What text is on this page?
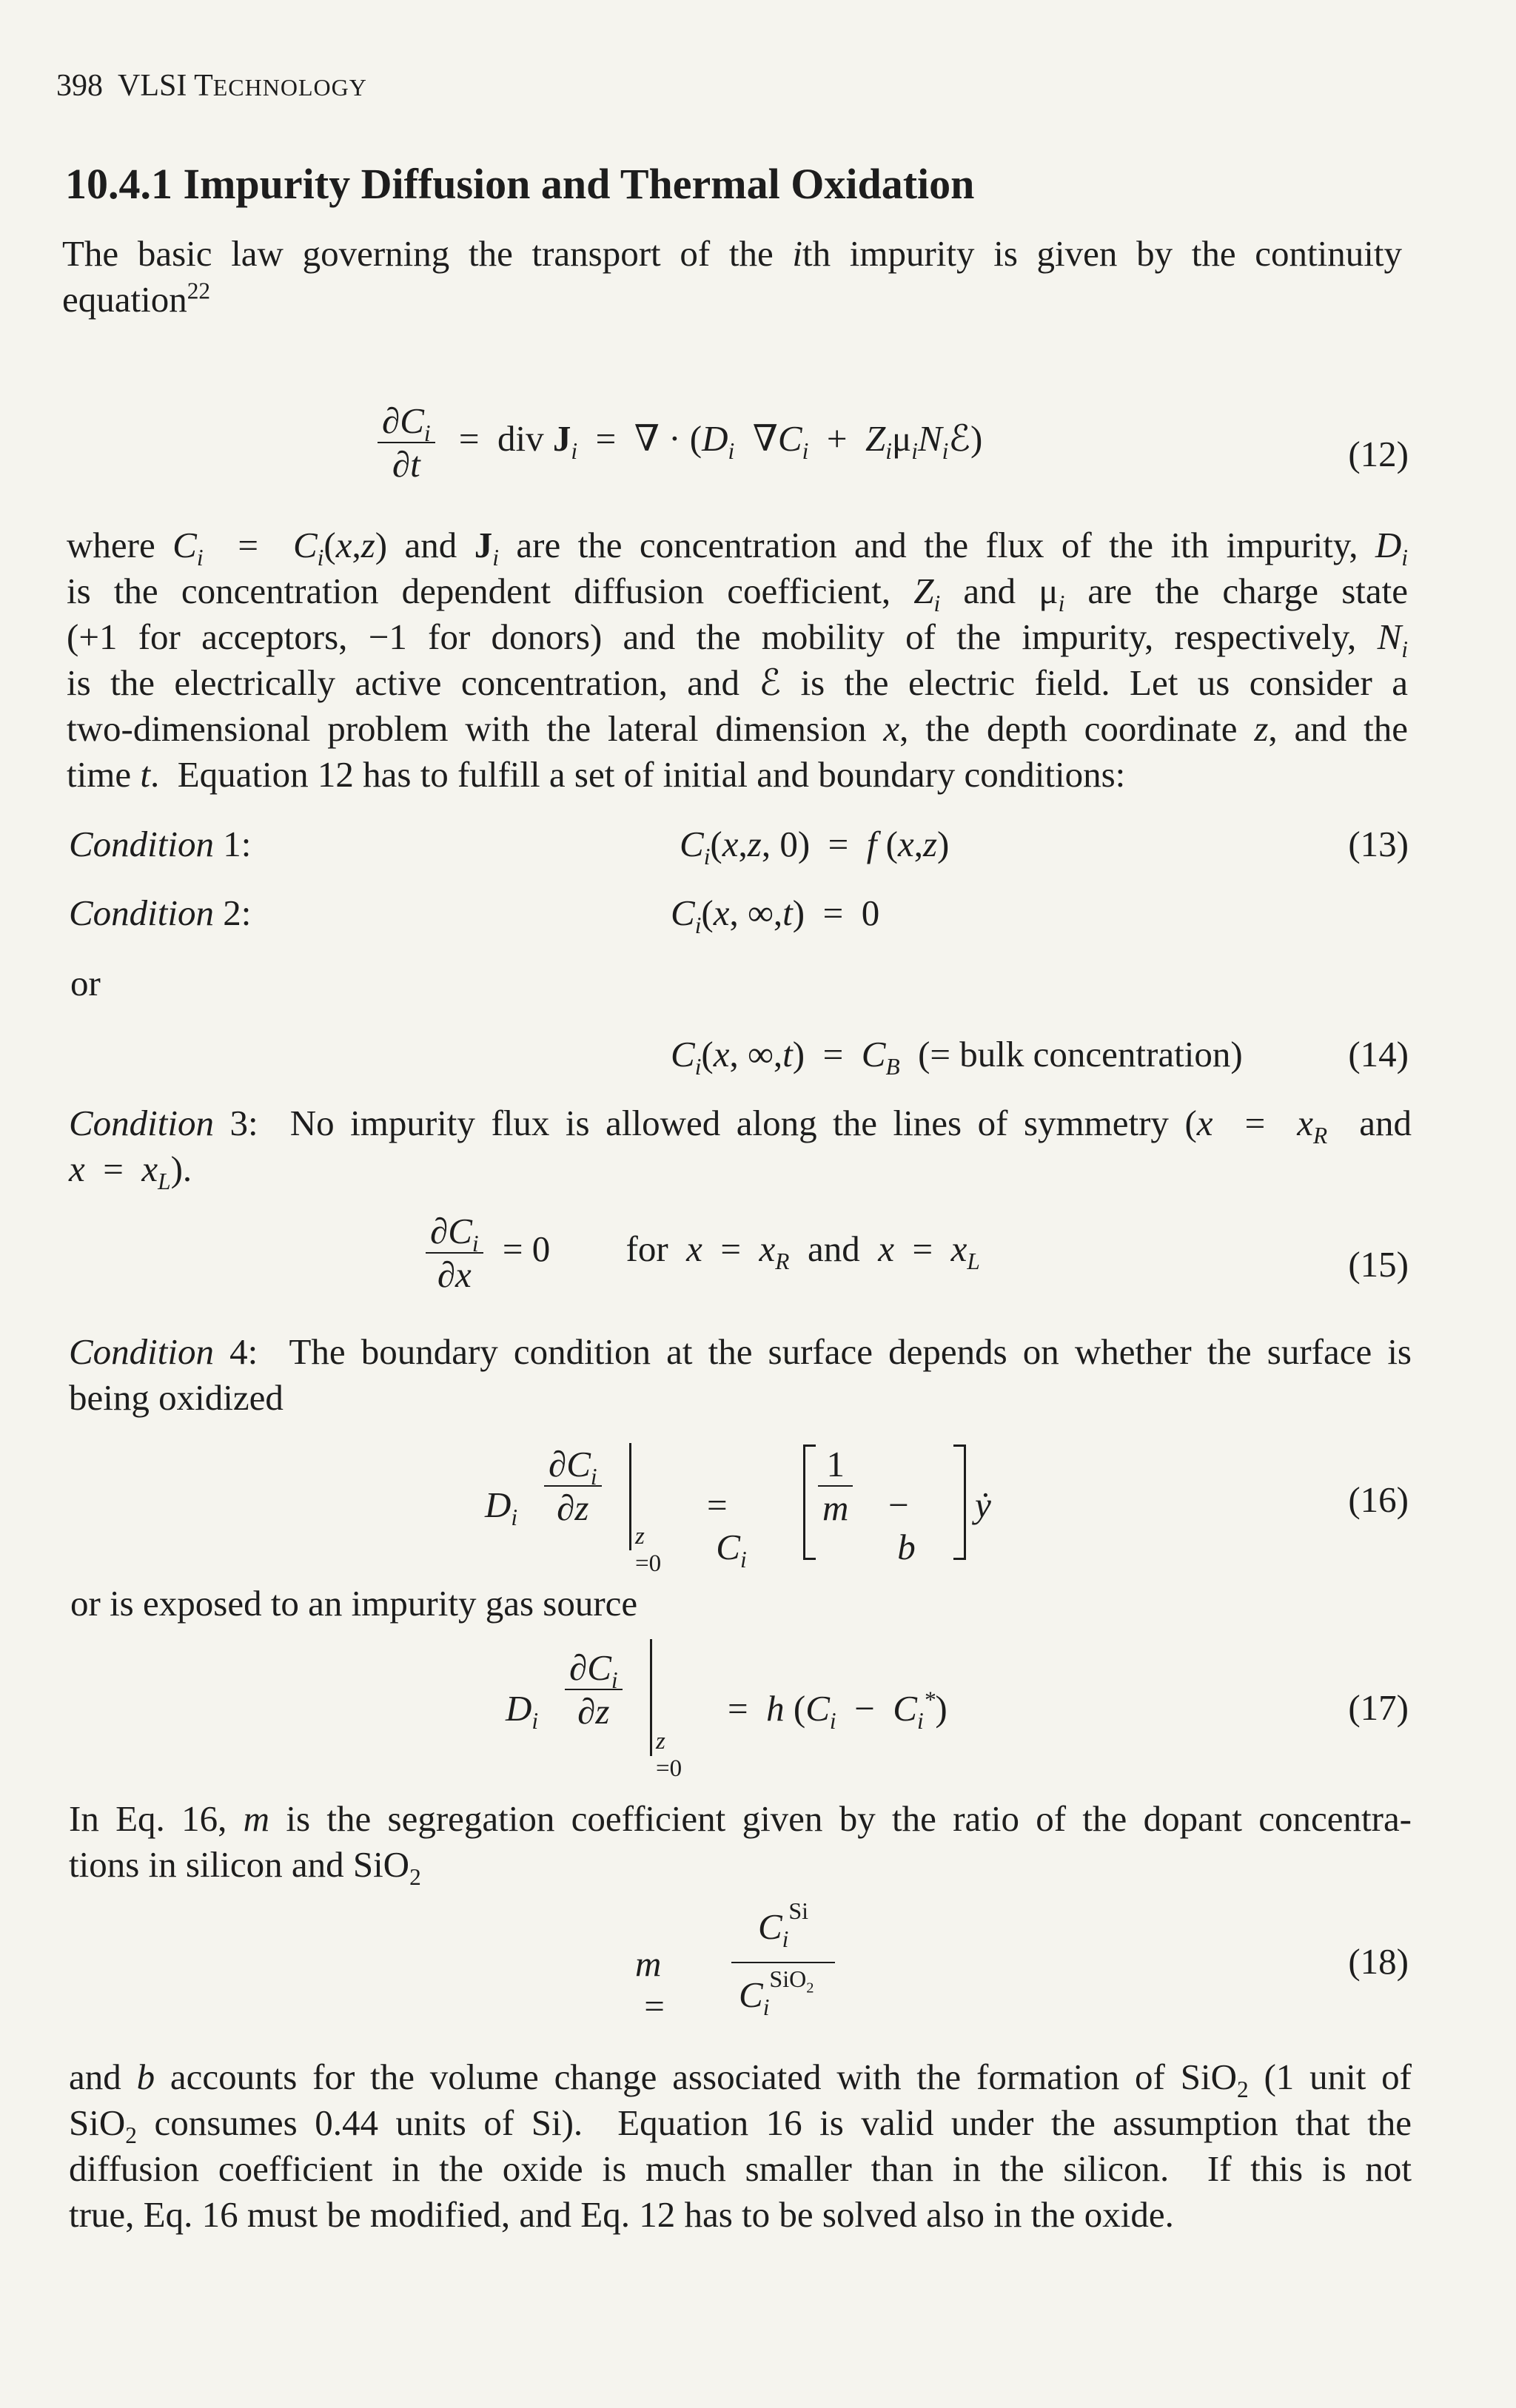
398 VLSI TECHNOLOGY
10.4.1 Impurity Diffusion and Thermal Oxidation
The basic law governing the transport of the ith impurity is given by the continuity
equation$^{22}$
$\frac{\partial C_i}{\partial t}$ =  div $J_i$  =  ∇ · ($D_i$  $\nabla C_i$  +  $Z_i\mu_iN_iℰ$)	(12)
where $C_i = C_i(x,z)$ and $J_i$ are the concentration and the flux of the ith impurity, $D_i$
is the concentration dependent diffusion coefficient, $Z_i$ and $\mu_i$ are the charge state
(+1 for acceptors, −1 for donors) and the mobility of the impurity, respectively, $N_i$
is the electrically active concentration, and ℰ is the electric field. Let us consider a
two-dimensional problem with the lateral dimension x, the depth coordinate z, and the
time t.  Equation 12 has to fulfill a set of initial and boundary conditions:
Condition 1:	$C_i(x,z$, 0)  =  f (x,z)	(13)
Condition 2:	$C_i(x$, ∞,t)  =  0
or
$C_i(x$, $\infty,t) = C_B$  (= bulk concentration)	(14)
Condition 3:  No impurity flux is allowed along the lines of symmetry ($x = x_R$  and
$x = x_L$).
$\frac{\partial C_i}{\partial x} = 0$ for $x = x_R$ and $x = x_L$	(15)
Condition 4:  The boundary condition at the surface depends on whether the surface is
being oxidized
$D_i \frac{\partial C_i}{\partial z}$
z =0
=  $C_i$
$\frac{1}{m} - b$
ẏ	(16)
or is exposed to an impurity gas source
$D_i \frac{\partial C_i}{\partial z}$
z =0
=  h $(C_i - C_i^*)$	(17)
In Eq. 16, m is the segregation coefficient given by the ratio of the dopant concentra-
tions in silicon and SiO$_2$
m  =
$C_i^{Si}$
$C_i^{SiO_2}$
(18)
and b accounts for the volume change associated with the formation of SiO$_2$ (1 unit of
SiO$_2$ consumes 0.44 units of Si).  Equation 16 is valid under the assumption that the
diffusion coefficient in the oxide is much smaller than in the silicon.  If this is not
true, Eq. 16 must be modified, and Eq. 12 has to be solved also in the oxide.
